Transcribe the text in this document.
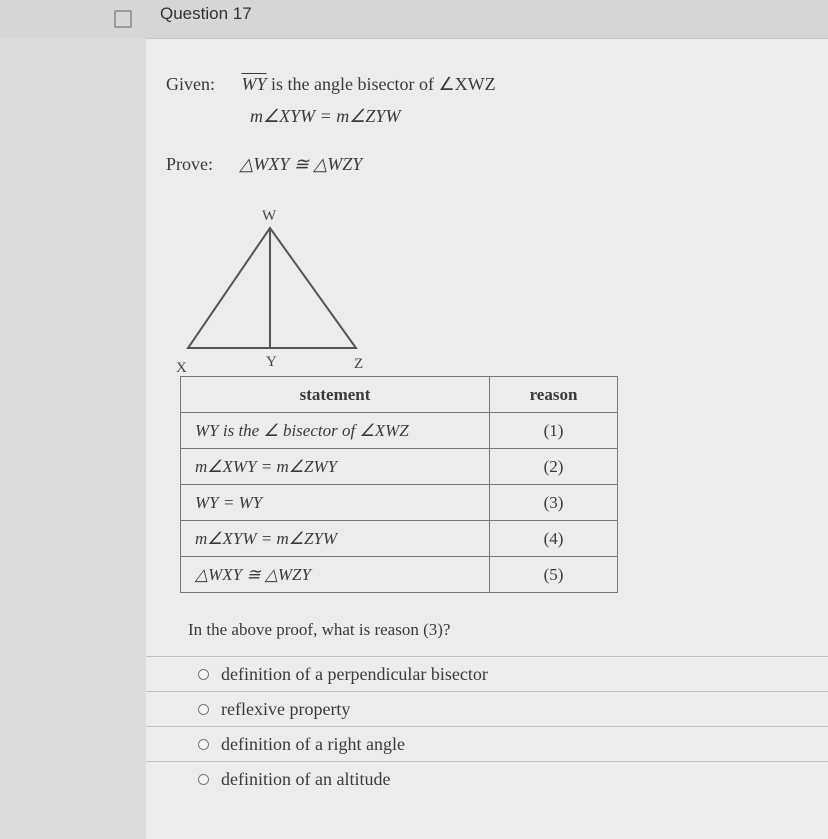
Question 17
Given: $\overline{WY}$ is the angle bisector of ∠XWZ
m∠XYW = m∠ZYW
Prove: △WXY ≅ △WZY
W
X	Y	Z
statement	reason
WY is the ∠ bisector of ∠XWZ	(1)
m∠XWY = m∠ZWY	(2)
WY = WY	(3)
m∠XYW = m∠ZYW	(4)
△WXY ≅ △WZY	(5)
In the above proof, what is reason (3)?
definition of a perpendicular bisector
reflexive property
definition of a right angle
definition of an altitude
